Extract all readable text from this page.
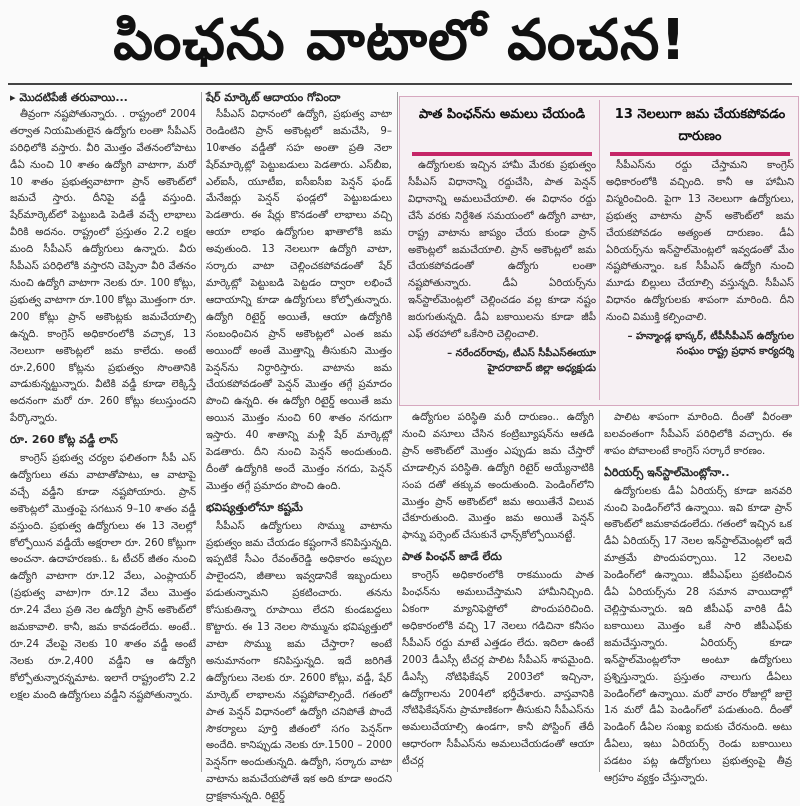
పింఛను వాటాలో వంచన!

▸ మొదటిపేజీ తరువాయి...

తీవ్రంగా నష్టపోతున్నారు. . రాష్ట్రంలో 2004 తర్వాత నియమితులైన ఉద్యోగు లంతా సీపీఎస్ పరిధిలోకి వస్తారు. వీరి మొత్తం వేతనంలోపాటు డీఏ నుంచి 10 శాతం ఉద్యోగి వాటాగా, మరో 10 శాతం ప్రభుత్వవాటాగా ప్రాన్ అకౌంట్‌లో జమచే స్తారు. దీనిపై వడ్డీ వస్తుంది. షేర్‌మార్కెట్‌లో పెట్టుబడి పెడితే వచ్చే లాభాలు వీరికి అదనం. రాష్ట్రంలో ప్రస్తుతం 2.2 లక్షల మంది సీపీఎస్ ఉద్యోగులు ఉన్నారు. వీరు సీపీఎస్ పరిధిలోకి వస్తారని చెప్పినా వీరి వేతనం నుంచి ఉద్యోగి వాటాగా నెలకు రూ. 100 కోట్లు, ప్రభుత్వ వాటాగా రూ.100 కోట్లు మొత్తంగా రూ. 200 కోట్లు ప్రాన్ అకౌంట్లకు జమచేయాల్సి ఉన్నది. కాంగ్రెస్ అధికారంలోకి వచ్చాక, 13 నెలలుగా అకౌంట్లలో జమ కాలేదు. అంటే రూ.2,600 కోట్లను ప్రభుత్వం సొంతానికి వాడుకున్నట్టున్నారు. వీటికి వడ్డీ కూడా లెక్కిస్తే అదనంగా మరో రూ. 260 కోట్లు కలుస్తుందని పేర్కొన్నారు.

రూ. 260 కోట్ల వడ్డీ లాస్

కాంగ్రెస్ ప్రభుత్వ చర్యల ఫలితంగా సీపీ ఎస్ ఉద్యోగులు తమ వాటాతోపాటు, ఆ వాటాపై వచ్చే వడ్డీని కూడా నష్టపోయారు. ప్రాన్ అకౌంట్లలో మొత్తంపై సగటున 9–10 శాతం వడ్డీ వస్తుంది. ప్రభుత్వ ఉద్యోగులు ఈ 13 నెలల్లో కోల్పోయిన వడ్డీయే అక్షరాలా రూ. 260 కోట్లుగా అంచనా. ఉదాహరణకు.. ఓ టీచర్ జీతం నుంచి ఉద్యోగి వాటాగా రూ.12 వేలు, ఎంప్లాయర్ (ప్రభుత్వ వాటా)గా రూ.12 వేలు మొత్తం రూ.24 వేలు ప్రతి నెల ఉద్యోగి ప్రాన్ అకౌంట్‌లో జమకావాలి. కానీ, జమ కావడంలేదు. అంటే.. రూ.24 వేలపై నెలకు 10 శాతం వడ్డీ అంటే నెలకు రూ.2,400 వడ్డీని ఆ ఉద్యోగి కోల్పోతున్నారన్నమాట. ఇలాగే రాష్ట్రంలోని 2.2 లక్షల మంది ఉద్యోగులు వడ్డీని నష్టపోతున్నారు.

షేర్ మార్కెట్ ఆదాయం గోవిందా

సీపీఎస్ విధానంలో ఉద్యోగి, ప్రభుత్వ వాటా రెండింటిని ప్రాన్ అకౌంట్లలో జమచేసి, 9–10శాతం వడ్డీతో సహ అంతా ప్రతి నెలా షేర్‌మార్కెట్లో పెట్టుబడులు పెడతారు. ఎస్‌బీఐ, ఎల్ఐసీ, యూటీఐ, ఐసీఐసీఐ పెన్షన్ ఫండ్ మేనేజర్లు పెన్షన్ ఫండ్లలో పెట్టుబడులు పెడతారు. ఈ షేర్లు కొనడంతో లాభాలు వచ్చి ఆయా లాభం ఉద్యోగుల ఖాతాలోకి జమ అవుతుంది. 13 నెలలుగా ఉద్యోగి వాటా, సర్కారు వాటా చెల్లించకపోవడంతో షేర్ మార్కెట్లో పెట్టుబడి పెట్టడం ద్వారా లభించే ఆదాయాన్ని కూడా ఉద్యోగులు కోల్పోతున్నారు. ఉద్యోగి రిటైర్డ్ అయితే, ఆయా ఉద్యోగికి సంబంధించిన ప్రాన్ అకౌంట్లలో ఎంత జమ అయిందో అంతే మొత్తాన్ని తీసుకుని మొత్తం పెన్షన్‌ను నిర్ధారిస్తారు. వాటాను జమ చేయకపోవడంతో పెన్షన్ మొత్తం తగ్గే ప్రమాదం పొంచి ఉన్నది. ఈ ఉద్యోగి రిటైర్డ్ అయితే జమ అయిన మొత్తం నుంచి 60 శాతం నగదుగా ఇస్తారు. 40 శాతాన్ని మళ్లీ షేర్ మార్కెట్లో పెడతారు. దీని నుంచి పెన్షన్ అందుతుంది. దీంతో ఉద్యోగికి అందే మొత్తం నగదు, పెన్షన్ మొత్తం తగ్గే ప్రమాదం పొంచి ఉంది.

భవిష్యత్తులోనూ కష్టమే

సీపీఎస్ ఉద్యోగులు సొమ్ము వాటాను ప్రభుత్వం జమ చేయడం కష్టంగానే కనిపిస్తున్నది. ఇప్పటికే సీఎం రేవంత్‌రెడ్డి అధికారం అప్పుల పాలైందని, జీతాలు ఇవ్వడానికే ఇబ్బందులు పడుతున్నామని ప్రకటించారు. తనను కోసుకుతిన్నా రూపాయి లేదని కుండబద్దలు కొట్టారు. ఈ 13 నెలల సొమ్మును భవిష్యత్తులో వాటా సొమ్ము జమ చేస్తారా? అంటే అనుమానంగా కనిపిస్తున్నది. ఇదే జరిగితే ఉద్యోగులు నెలకు రూ. 2600 కోట్లు, వడ్డీ, షేర్ మార్కెట్ లాభాలను నష్టపోవాల్సిందే. గతంలో పాత పెన్షన్ విధానంలో ఉద్యోగి చనిపోతే పొందే సౌకర్యాలు పూర్తి జీతంలో సగం పెన్షన్‌గా అందేది. కానిప్పుడు నెలకు రూ.1500 – 2000 పెన్షన్‌గా అందుతున్నది. ఉద్యోగి, సర్కారు వాటా వాటాను జమచేయపోతే ఇక అది కూడా అందని ద్రాక్షకానున్నది. రిటైర్డ్

పాత పింఛన్‌ను అమలు చేయండి

ఉద్యోగులకు ఇచ్చిన హామీ మేరకు ప్రభుత్వం సీపీఎస్ విధానాన్ని రద్దుచేసి, పాత పెన్షన్ విధానాన్ని అమలుచేయాలి. ఈ విధానం రద్దు చేసే వరకు నిర్దేశిత సమయంలో ఉద్యోగి వాటా, రాష్ట్ర వాటాను జాప్యం చేయ కుండా ప్రాన్ అకౌంట్లలో జమచేయాలి. ప్రాన్ అకౌంట్లలో జమ చేయకపోవడంతో ఉద్యోగు లంతా నష్టపోతున్నారు. డీఏ ఏరియర్స్‌ను ఇన్‌స్టాల్‌మెంట్లలో చెల్లించడం వల్ల కూడా నష్టం జరుగుతున్నది. డీఏ బకాయిలను కూడా జీపీ ఎఫ్ తరహాలో ఒకేసారి చెల్లించాలి.

– నరేందర్‌రావు, టీఎస్ సీపీఎస్ఈయూ హైదరాబాద్ జిల్లా అధ్యక్షుడు
13 నెలలుగా జమ చేయకపోవడం దారుణం

సీపీఎస్‌ను రద్దు చేస్తామని కాంగ్రెస్ అధికారంలోకి వచ్చింది. కానీ ఆ హామీని విస్మరించింది. పైగా 13 నెలలుగా ఉద్యోగులు, ప్రభుత్వ వాటాను ప్రాన్ అకౌంట్‌లో జమ చేయకపోవడం అత్యంత దారుణం. డీఏ ఏరియర్స్‌ను ఇన్‌స్టాల్‌మెంట్లలో ఇవ్వడంతో మేం నష్టపోతున్నాం. ఒక సీపీఎస్ ఉద్యోగి నుంచి మూడు బిల్లులు చేయాల్సి వస్తున్నది. సీపీఎస్ విధానం ఉద్యోగులకు శాపంగా మారింది. దీని నుంచి విముక్తి కల్పించాలి.

– హన్మాండ్ల భాస్కర్, టీపీసీపీఎస్ ఉద్యోగుల సంఘం రాష్ట్ర ప్రధాన కార్యదర్శి

ఉద్యోగుల పరిస్థితి మరీ దారుణం.. ఉద్యోగి నుంచి వసూలు చేసిన కంట్రిబ్యూషన్‌ను ఆతడి ప్రాన్ అకౌంట్‌లో మొత్తం ఎప్పుడు జమ చేస్తారో చూడాల్సిన పరిస్థితి. ఉద్యోగి రిటైర్ అయ్యేనాటికి సంప దతో తక్కువ అందుతుంది. పెండింగ్‌లోని మొత్తం ప్రాన్ అకౌంట్‌లో జమ అయితేనే విలువ చేకూరుతుంది. మొత్తం జమ అయితే పెన్షన్ ఫాన్ను పర్సెంట్ చేసుకునే ఛాన్స్‌కోల్పోయినట్టే.

పాత పింఛన్ జాడే లేదు

కాంగ్రెస్ అధికారంలోకి రాకముందు పాత పింఛన్‌ను అమలుచేస్తామని హామీనిచ్చింది. ఏకంగా మ్యానిఫెస్టోలో పొందుపరిచింది. అధికారంలోకి వచ్చి 17 నెలలు గడిచినా కనీసం సీపీఎస్ రద్దు మాటే ఎత్తడం లేదు. ఇదిలా ఉంటే 2003 డీఎస్సీ టీచర్ల పాలిట సీపీఎస్ శాపమైంది. డీఎస్సీ నోటిఫికేషన్ 2003లో ఇచ్చినా, ఉద్యోగాలను 2004లో భర్తీచేశారు. వాస్తవానికి నోటిఫికేషన్‌ను ప్రామాణికంగా తీసుకుని సీపీఎస్‌ను అమలుచేయాల్సి ఉండగా, కానీ పోస్టింగ్ తేదీ ఆధారంగా సీపీఎస్‌ను అమలుచేయడంతో ఆయా టీచర్ల

పాలిట శాపంగా మారింది. దీంతో వీరంతా బలవంతంగా సీపీఎస్ పరిధిలోకి వచ్చారు. ఈ శాపం పోవాలంటే కాంగ్రెస్ సర్కారే కారణం.

ఏరియర్స్ ఇన్‌స్టాల్‌మెంట్లోనా..

ఉద్యోగులకు డీఏ ఏరియర్స్ కూడా జనవరి నుంచి పెండింగ్‌లోనే ఉన్నాయి. ఇవి కూడా ప్రాన్ అకౌంట్‌లో జమకావడంలేదు. గతంలో ఇచ్చిన ఒక డీఏ ఏరియర్స్ 17 నెలల ఇన్‌స్టాల్‌మెంట్లలో ఇదే మాత్రమే పొందుపర్చాయి. 12 నెలలవి పెండింగ్‌లో ఉన్నాయి. జీపీఎఫ్‌లు ప్రకటించిన డీఏ ఏరియర్స్‌ను 28 సమాన వాయిదాల్లో చెల్లిస్తామన్నారు. ఇది జీపీఎఫ్ వారికి డీఏ బకాయిలు మొత్తం ఒకే సారి జీపీఎఫ్‌కు జమచేస్తున్నారు. ఏరియర్స్ కూడా ఇన్‌స్టాల్‌మెంట్లలోనా అంటూ ఉద్యోగులు ప్రశ్నిస్తున్నారు. ప్రస్తుతం నాలుగు డీఏలు పెండింగ్‌లో ఉన్నాయి. మరో వారం రోజుల్లో జులై 1న మరో డీఏ పెండింగ్‌లో పడుతుంది. దీంతో పెండింగ్ డీఏల సంఖ్య ఐదుకు చేరనుంది. అటు డీఏలు, ఇటు ఏరియర్స్ రెండు బకాయిలు పడటం పట్ల ఉద్యోగులు ప్రభుత్వంపై తీవ్ర ఆగ్రహం వ్యక్తం చేస్తున్నారు.
